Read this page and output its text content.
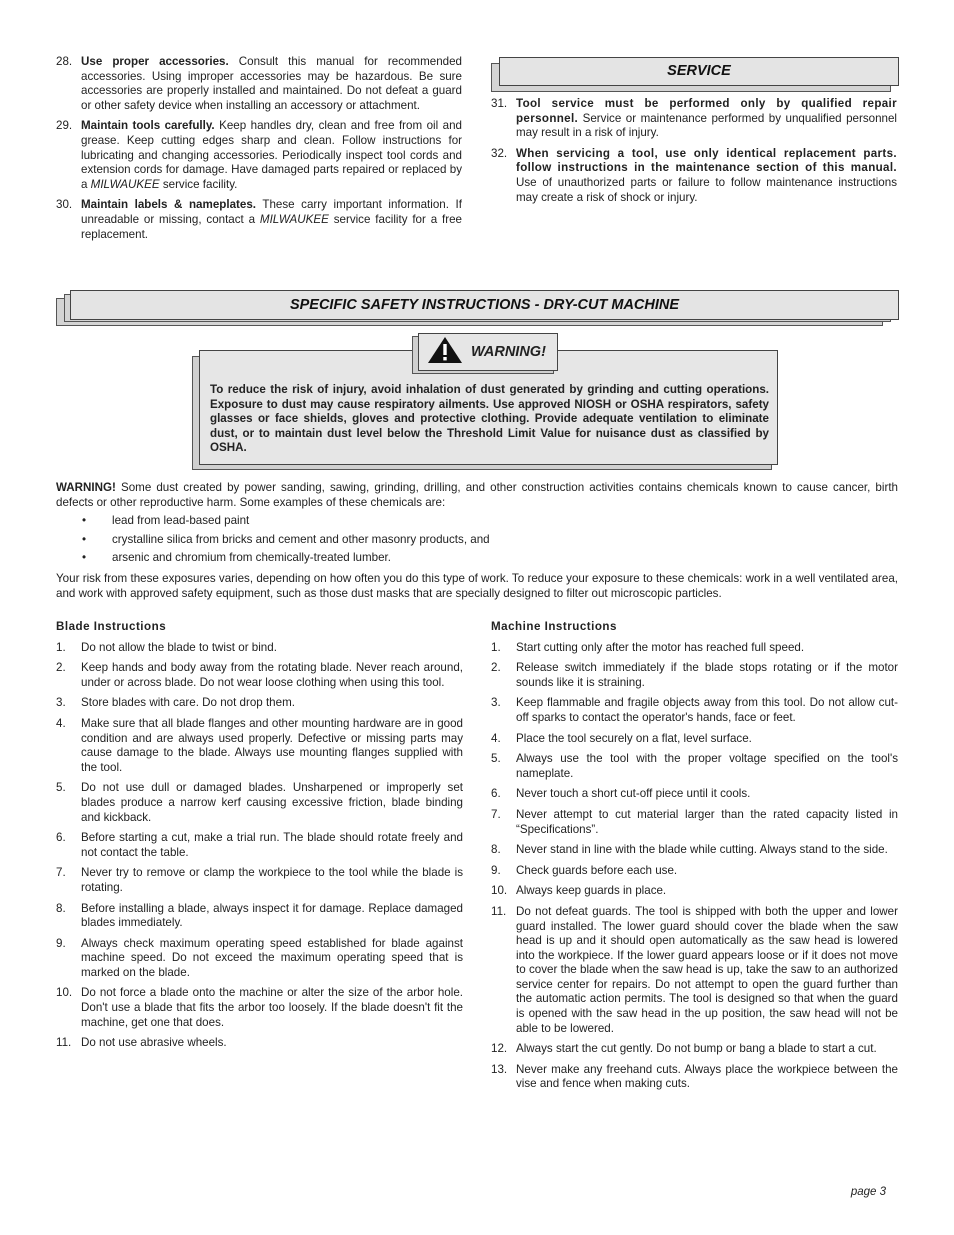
28. Use proper accessories. Consult this manual for recommended accessories. Using improper accessories may be hazardous. Be sure accessories are properly installed and maintained. Do not defeat a guard or other safety device when installing an accessory or attachment.
29. Maintain tools carefully. Keep handles dry, clean and free from oil and grease. Keep cutting edges sharp and clean. Follow instructions for lubricating and changing accessories. Periodically inspect tool cords and extension cords for damage. Have damaged parts repaired or replaced by a MILWAUKEE service facility.
30. Maintain labels & nameplates. These carry important information. If unreadable or missing, contact a MILWAUKEE service facility for a free replacement.
SERVICE
31. Tool service must be performed only by qualified repair personnel. Service or maintenance performed by unqualified personnel may result in a risk of injury.
32. When servicing a tool, use only identical replacement parts. follow instructions in the maintenance section of this manual. Use of unauthorized parts or failure to follow maintenance instructions may create a risk of shock or injury.
SPECIFIC SAFETY INSTRUCTIONS - DRY-CUT MACHINE
To reduce the risk of injury, avoid inhalation of dust generated by grinding and cutting operations. Exposure to dust may cause respiratory ailments. Use approved NIOSH or OSHA respirators, safety glasses or face shields, gloves and protective clothing. Provide adequate ventilation to eliminate dust, or to maintain dust level below the Threshold Limit Value for nuisance dust as classified by OSHA.
WARNING!
WARNING! Some dust created by power sanding, sawing, grinding, drilling, and other construction activities contains chemicals known to cause cancer, birth defects or other reproductive harm. Some examples of these chemicals are:
• lead from lead-based paint
• crystalline silica from bricks and cement and other masonry products, and
• arsenic and chromium from chemically-treated lumber.
Your risk from these exposures varies, depending on how often you do this type of work. To reduce your exposure to these chemicals: work in a well ventilated area, and work with approved safety equipment, such as those dust masks that are specially designed to filter out microscopic particles.
Blade Instructions
1. Do not allow the blade to twist or bind.
2. Keep hands and body away from the rotating blade. Never reach around, under or across blade. Do not wear loose clothing when using this tool.
3. Store blades with care. Do not drop them.
4. Make sure that all blade flanges and other mounting hardware are in good condition and are always used properly. Defective or missing parts may cause damage to the blade. Always use mounting flanges supplied with the tool.
5. Do not use dull or damaged blades. Unsharpened or improperly set blades produce a narrow kerf causing excessive friction, blade binding and kickback.
6. Before starting a cut, make a trial run. The blade should rotate freely and not contact the table.
7. Never try to remove or clamp the workpiece to the tool while the blade is rotating.
8. Before installing a blade, always inspect it for damage. Replace damaged blades immediately.
9. Always check maximum operating speed established for blade against machine speed. Do not exceed the maximum operating speed that is marked on the blade.
10. Do not force a blade onto the machine or alter the size of the arbor hole. Don't use a blade that fits the arbor too loosely. If the blade doesn't fit the machine, get one that does.
11. Do not use abrasive wheels.
Machine Instructions
1. Start cutting only after the motor has reached full speed.
2. Release switch immediately if the blade stops rotating or if the motor sounds like it is straining.
3. Keep flammable and fragile objects away from this tool. Do not allow cut-off sparks to contact the operator's hands, face or feet.
4. Place the tool securely on a flat, level surface.
5. Always use the tool with the proper voltage specified on the tool's nameplate.
6. Never touch a short cut-off piece until it cools.
7. Never attempt to cut material larger than the rated capacity listed in “Specifications”.
8. Never stand in line with the blade while cutting. Always stand to the side.
9. Check guards before each use.
10. Always keep guards in place.
11. Do not defeat guards. The tool is shipped with both the upper and lower guard installed. The lower guard should cover the blade when the saw head is up and it should open automatically as the saw head is lowered into the workpiece. If the lower guard appears loose or if it does not move to cover the blade when the saw head is up, take the saw to an authorized service center for repairs. Do not attempt to open the guard further than the automatic action permits. The tool is designed so that when the guard is opened with the saw head in the up position, the saw head will not be able to be lowered.
12. Always start the cut gently. Do not bump or bang a blade to start a cut.
13. Never make any freehand cuts. Always place the workpiece between the vise and fence when making cuts.
page 3
